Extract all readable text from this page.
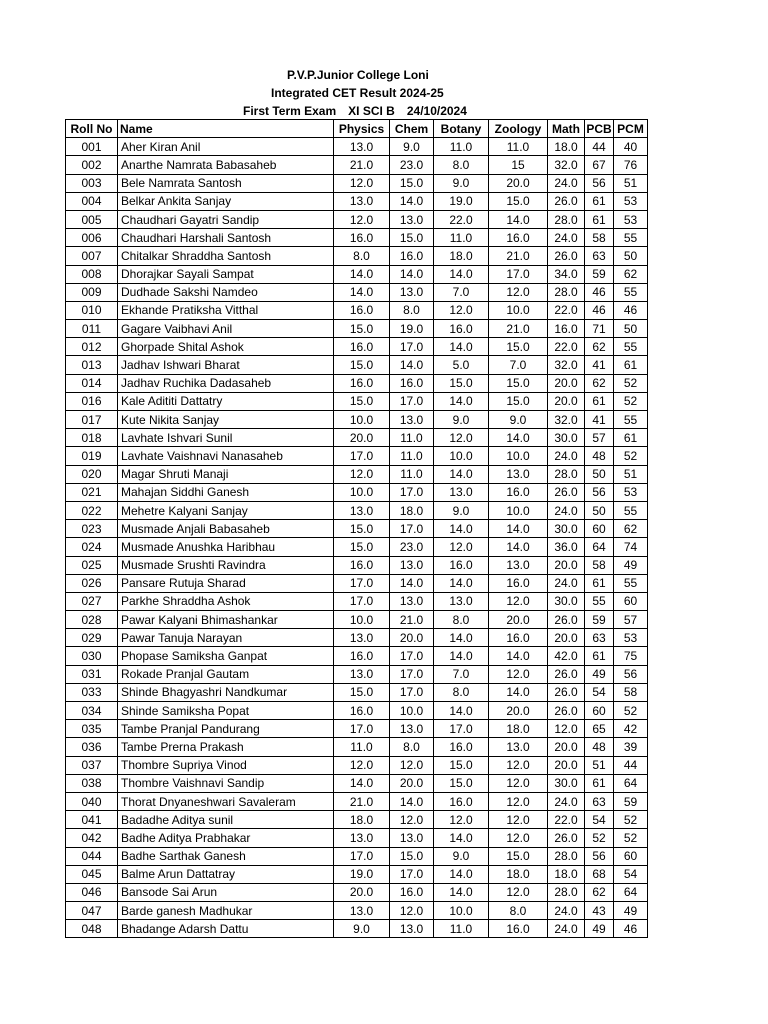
P.V.P.Junior College Loni
Integrated CET Result 2024-25
First Term Exam XI SCI B 24/10/2024
Roll No	Name	Physics	Chem	Botany	Zoology	Math	PCB	PCM
001	Aher Kiran Anil	13.0	9.0	11.0	11.0	18.0	44	40
002	Anarthe Namrata Babasaheb	21.0	23.0	8.0	15	32.0	67	76
003	Bele Namrata Santosh	12.0	15.0	9.0	20.0	24.0	56	51
004	Belkar Ankita Sanjay	13.0	14.0	19.0	15.0	26.0	61	53
005	Chaudhari Gayatri Sandip	12.0	13.0	22.0	14.0	28.0	61	53
006	Chaudhari Harshali Santosh	16.0	15.0	11.0	16.0	24.0	58	55
007	Chitalkar Shraddha Santosh	8.0	16.0	18.0	21.0	26.0	63	50
008	Dhorajkar Sayali Sampat	14.0	14.0	14.0	17.0	34.0	59	62
009	Dudhade Sakshi Namdeo	14.0	13.0	7.0	12.0	28.0	46	55
010	Ekhande Pratiksha Vitthal	16.0	8.0	12.0	10.0	22.0	46	46
011	Gagare Vaibhavi Anil	15.0	19.0	16.0	21.0	16.0	71	50
012	Ghorpade Shital Ashok	16.0	17.0	14.0	15.0	22.0	62	55
013	Jadhav Ishwari Bharat	15.0	14.0	5.0	7.0	32.0	41	61
014	Jadhav Ruchika Dadasaheb	16.0	16.0	15.0	15.0	20.0	62	52
016	Kale Adititi Dattatry	15.0	17.0	14.0	15.0	20.0	61	52
017	Kute Nikita Sanjay	10.0	13.0	9.0	9.0	32.0	41	55
018	Lavhate Ishvari Sunil	20.0	11.0	12.0	14.0	30.0	57	61
019	Lavhate Vaishnavi Nanasaheb	17.0	11.0	10.0	10.0	24.0	48	52
020	Magar Shruti Manaji	12.0	11.0	14.0	13.0	28.0	50	51
021	Mahajan Siddhi Ganesh	10.0	17.0	13.0	16.0	26.0	56	53
022	Mehetre Kalyani Sanjay	13.0	18.0	9.0	10.0	24.0	50	55
023	Musmade Anjali Babasaheb	15.0	17.0	14.0	14.0	30.0	60	62
024	Musmade Anushka Haribhau	15.0	23.0	12.0	14.0	36.0	64	74
025	Musmade Srushti Ravindra	16.0	13.0	16.0	13.0	20.0	58	49
026	Pansare Rutuja Sharad	17.0	14.0	14.0	16.0	24.0	61	55
027	Parkhe Shraddha Ashok	17.0	13.0	13.0	12.0	30.0	55	60
028	Pawar Kalyani Bhimashankar	10.0	21.0	8.0	20.0	26.0	59	57
029	Pawar Tanuja Narayan	13.0	20.0	14.0	16.0	20.0	63	53
030	Phopase Samiksha Ganpat	16.0	17.0	14.0	14.0	42.0	61	75
031	Rokade Pranjal Gautam	13.0	17.0	7.0	12.0	26.0	49	56
033	Shinde Bhagyashri Nandkumar	15.0	17.0	8.0	14.0	26.0	54	58
034	Shinde Samiksha Popat	16.0	10.0	14.0	20.0	26.0	60	52
035	Tambe Pranjal Pandurang	17.0	13.0	17.0	18.0	12.0	65	42
036	Tambe Prerna Prakash	11.0	8.0	16.0	13.0	20.0	48	39
037	Thombre Supriya Vinod	12.0	12.0	15.0	12.0	20.0	51	44
038	Thombre Vaishnavi Sandip	14.0	20.0	15.0	12.0	30.0	61	64
040	Thorat Dnyaneshwari Savaleram	21.0	14.0	16.0	12.0	24.0	63	59
041	Badadhe Aditya sunil	18.0	12.0	12.0	12.0	22.0	54	52
042	Badhe Aditya Prabhakar	13.0	13.0	14.0	12.0	26.0	52	52
044	Badhe Sarthak Ganesh	17.0	15.0	9.0	15.0	28.0	56	60
045	Balme Arun Dattatray	19.0	17.0	14.0	18.0	18.0	68	54
046	Bansode Sai Arun	20.0	16.0	14.0	12.0	28.0	62	64
047	Barde ganesh Madhukar	13.0	12.0	10.0	8.0	24.0	43	49
048	Bhadange Adarsh Dattu	9.0	13.0	11.0	16.0	24.0	49	46
